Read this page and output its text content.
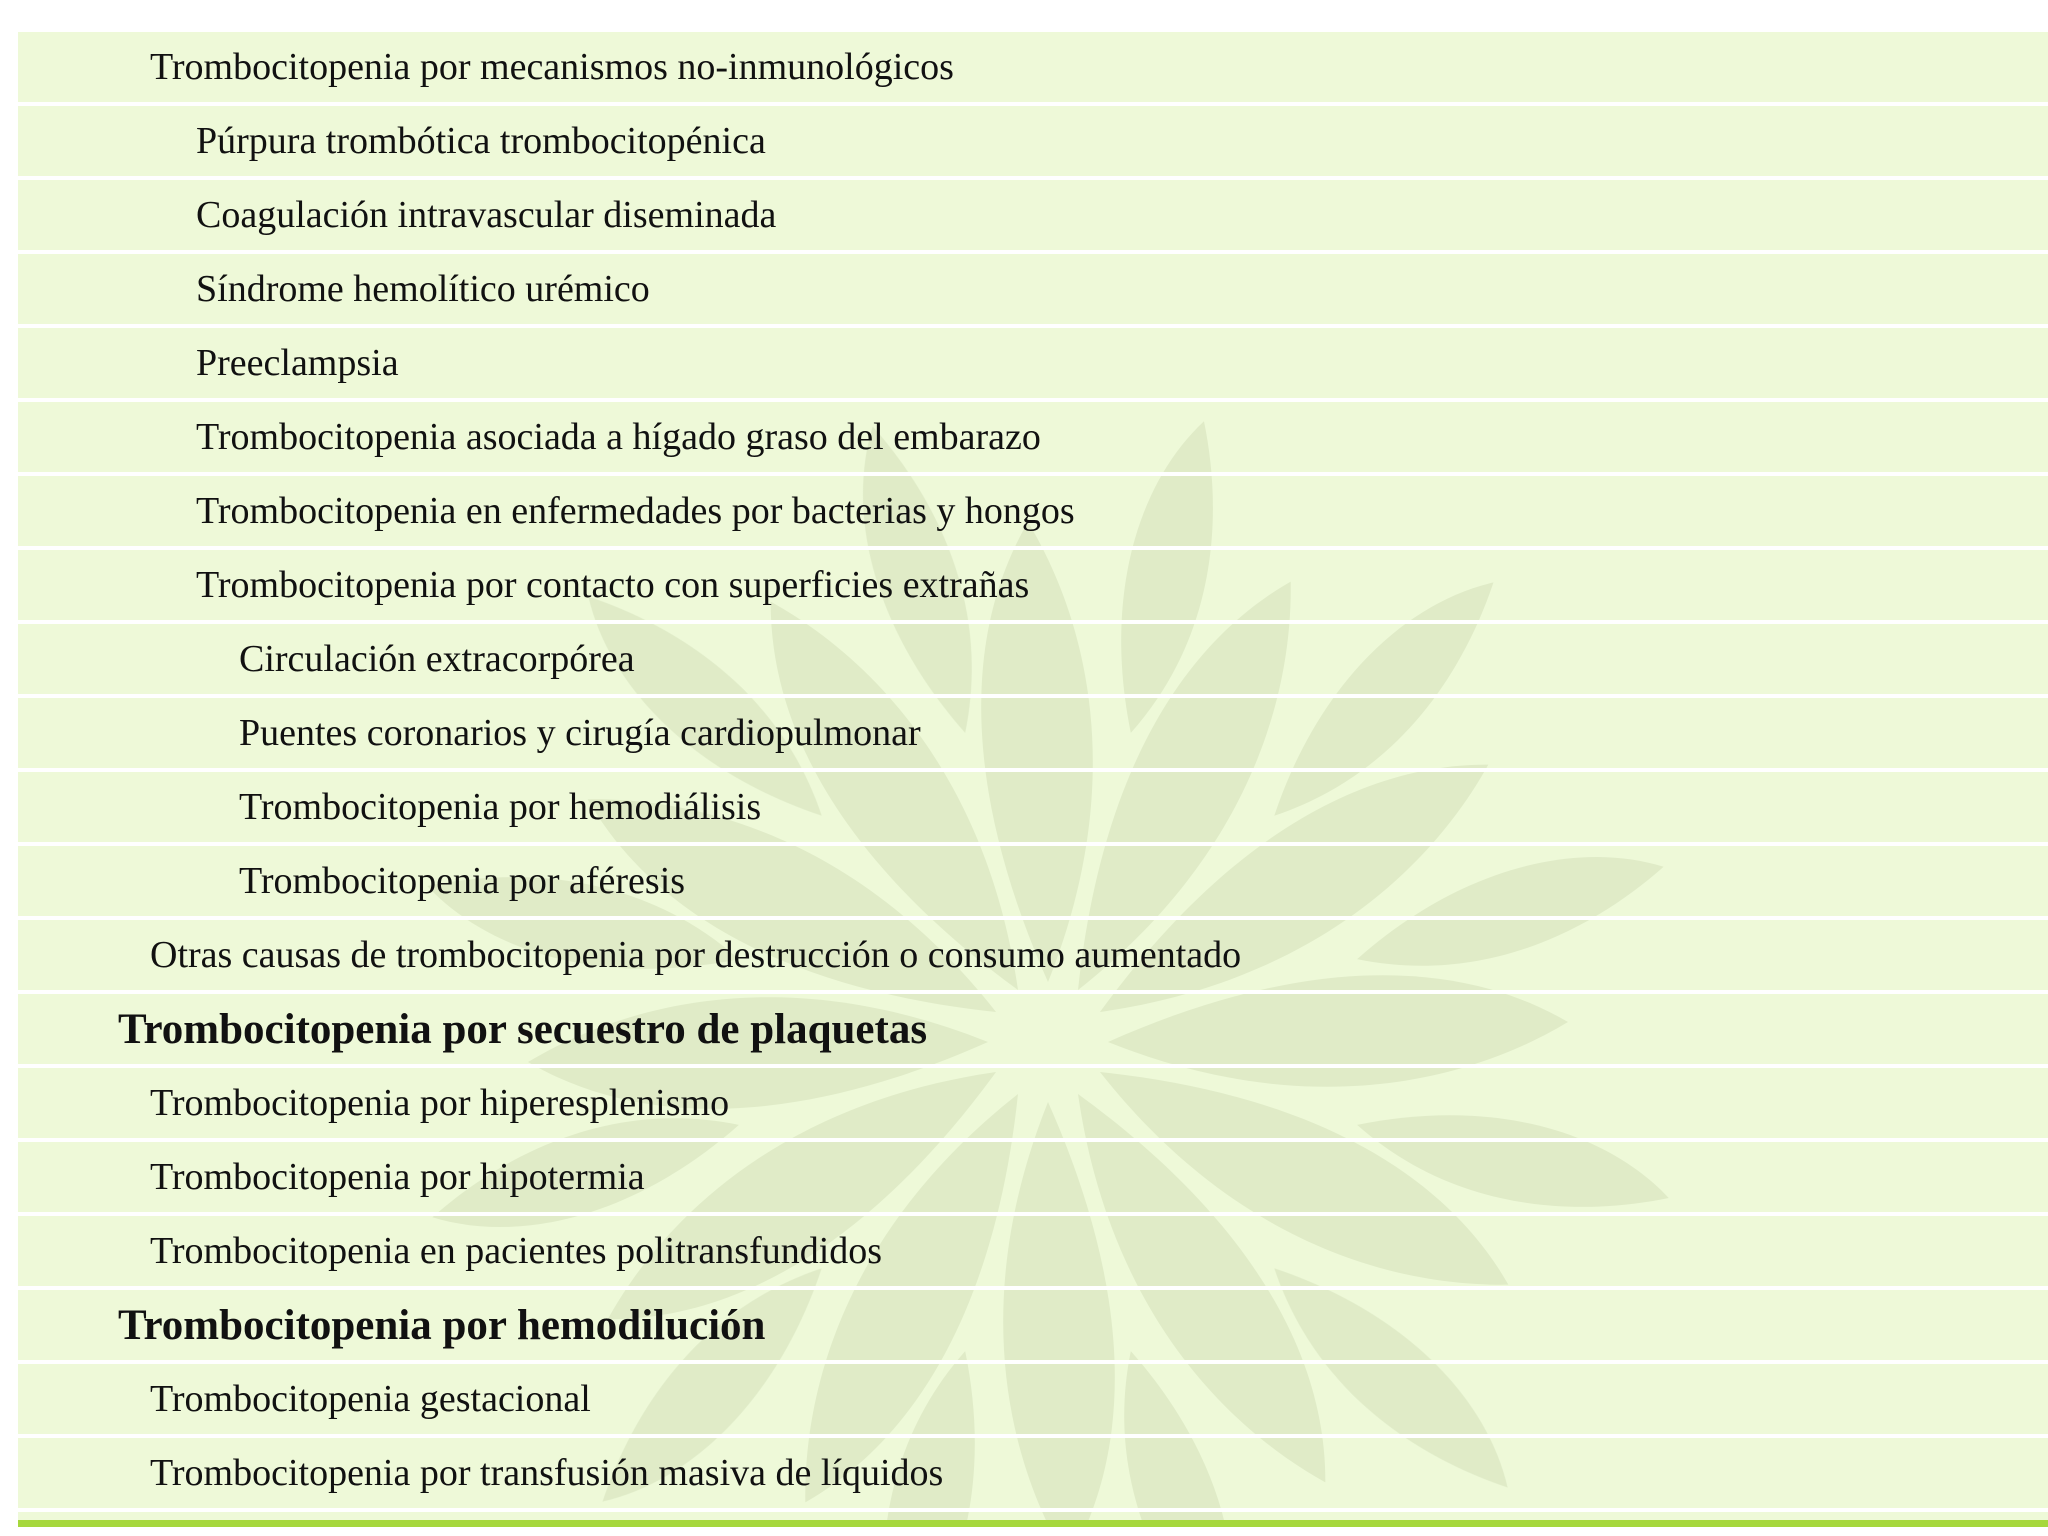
Trombocitopenia por mecanismos no-inmunológicos
Púrpura trombótica trombocitopénica
Coagulación intravascular diseminada
Síndrome hemolítico urémico
Preeclampsia
Trombocitopenia asociada a hígado graso del embarazo
Trombocitopenia en enfermedades por bacterias y hongos
Trombocitopenia por contacto con superficies extrañas
Circulación extracorpórea
Puentes coronarios y cirugía cardiopulmonar
Trombocitopenia por hemodiálisis
Trombocitopenia por aféresis
Otras causas de trombocitopenia por destrucción o consumo aumentado
Trombocitopenia por secuestro de plaquetas
Trombocitopenia por hiperesplenismo
Trombocitopenia por hipotermia
Trombocitopenia en pacientes politransfundidos
Trombocitopenia por hemodilución
Trombocitopenia gestacional
Trombocitopenia por transfusión masiva de líquidos
